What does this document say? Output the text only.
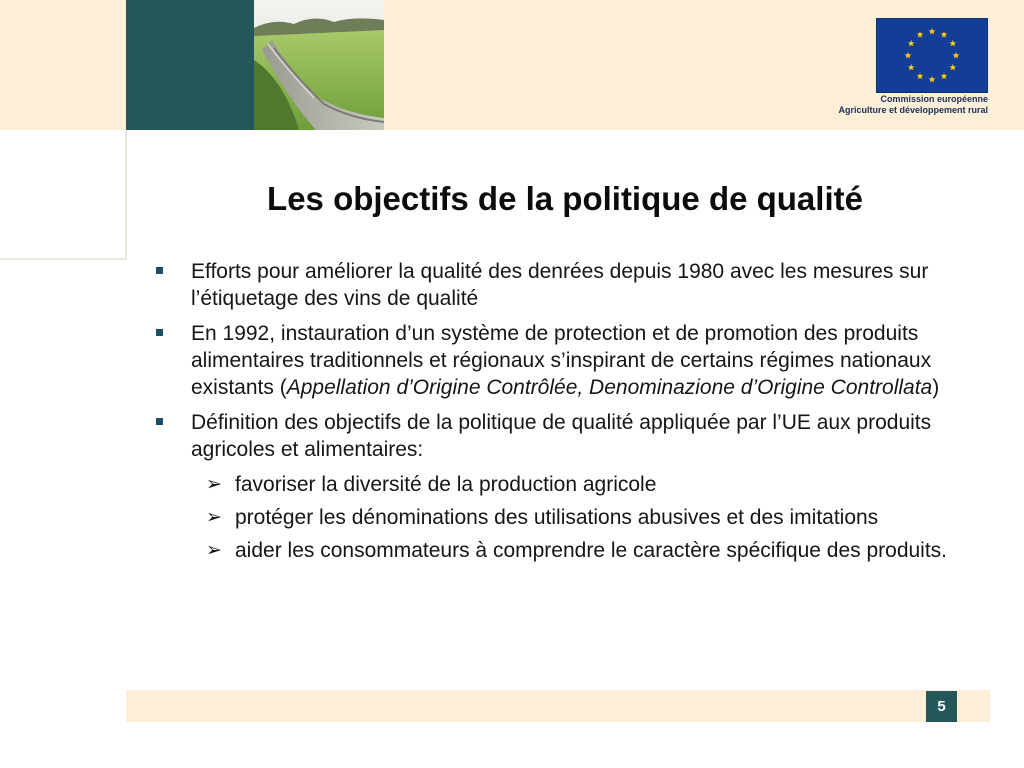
Commission européenne
Agriculture et développement rural
Les objectifs de la politique de qualité
Efforts pour améliorer la qualité des denrées depuis 1980 avec les mesures sur l’étiquetage des vins de qualité
En 1992, instauration d’un système de protection et de promotion des produits alimentaires traditionnels et régionaux s’inspirant de certains régimes nationaux existants (Appellation d’Origine Contrôlée, Denominazione d’Origine Controllata)
Définition des objectifs de la politique de qualité appliquée par l’UE aux produits agricoles et alimentaires:
➢ favoriser la diversité de la production agricole
➢ protéger les dénominations des utilisations abusives et des imitations
➢ aider les consommateurs à comprendre le caractère spécifique des produits.
5
